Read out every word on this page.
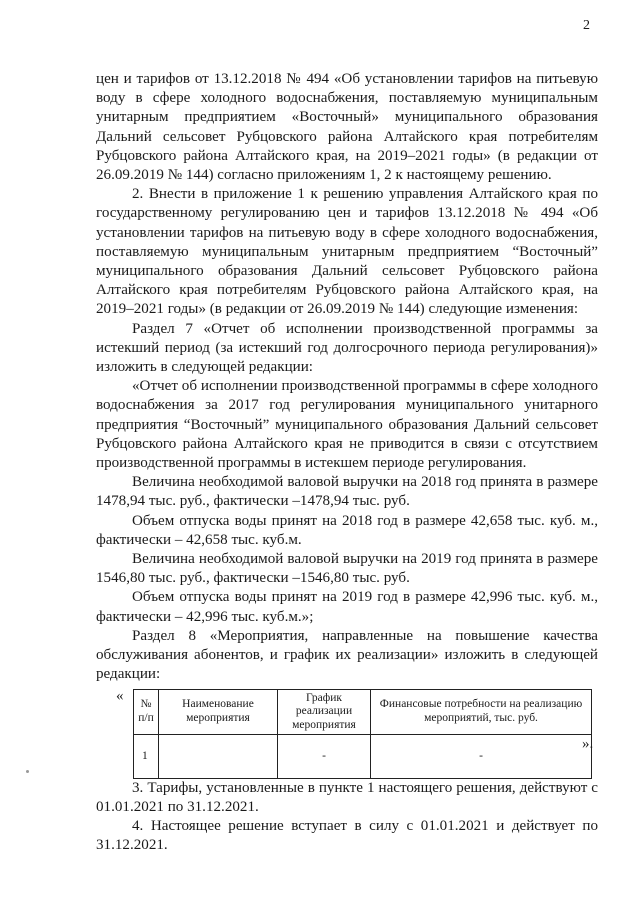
2

цен и тарифов от 13.12.2018 № 494 «Об установлении тарифов на питьевую воду в сфере холодного водоснабжения, поставляемую муниципальным унитарным предприятием «Восточный» муниципального образования Дальний сельсовет Рубцовского района Алтайского края потребителям Рубцовского района Алтайского края, на 2019–2021 годы» (в редакции от 26.09.2019 № 144) согласно приложениям 1, 2 к настоящему решению.

2. Внести в приложение 1 к решению управления Алтайского края по государственному регулированию цен и тарифов 13.12.2018 № 494 «Об установлении тарифов на питьевую воду в сфере холодного водоснабжения, поставляемую муниципальным унитарным предприятием “Восточный” муниципального образования Дальний сельсовет Рубцовского района Алтайского края потребителям Рубцовского района Алтайского края, на 2019–2021 годы» (в редакции от 26.09.2019 № 144) следующие изменения:

Раздел 7 «Отчет об исполнении производственной программы за истекший период (за истекший год долгосрочного периода регулирования)» изложить в следующей редакции:

«Отчет об исполнении производственной программы в сфере холодного водоснабжения за 2017 год регулирования муниципального унитарного предприятия “Восточный” муниципального образования Дальний сельсовет Рубцовского района Алтайского края не приводится в связи с отсутствием производственной программы в истекшем периоде регулирования.

Величина необходимой валовой выручки на 2018 год принята в размере 1478,94 тыс. руб., фактически –1478,94 тыс. руб.

Объем отпуска воды принят на 2018 год в размере 42,658 тыс. куб. м., фактически – 42,658 тыс. куб.м.

Величина необходимой валовой выручки на 2019 год принята в размере 1546,80 тыс. руб., фактически –1546,80 тыс. руб.

Объем отпуска воды принят на 2019 год в размере 42,996 тыс. куб. м., фактически – 42,996 тыс. куб.м.»;

Раздел 8 «Мероприятия, направленные на повышение качества обслуживания абонентов, и график их реализации» изложить в следующей редакции:

«
№ п/п	Наименование мероприятия	График реализации мероприятия	Финансовые потребности на реализацию мероприятий, тыс. руб.
1		-	-
».

3. Тарифы, установленные в пункте 1 настоящего решения, действуют с 01.01.2021 по 31.12.2021.

4. Настоящее решение вступает в силу с 01.01.2021 и действует по 31.12.2021.
